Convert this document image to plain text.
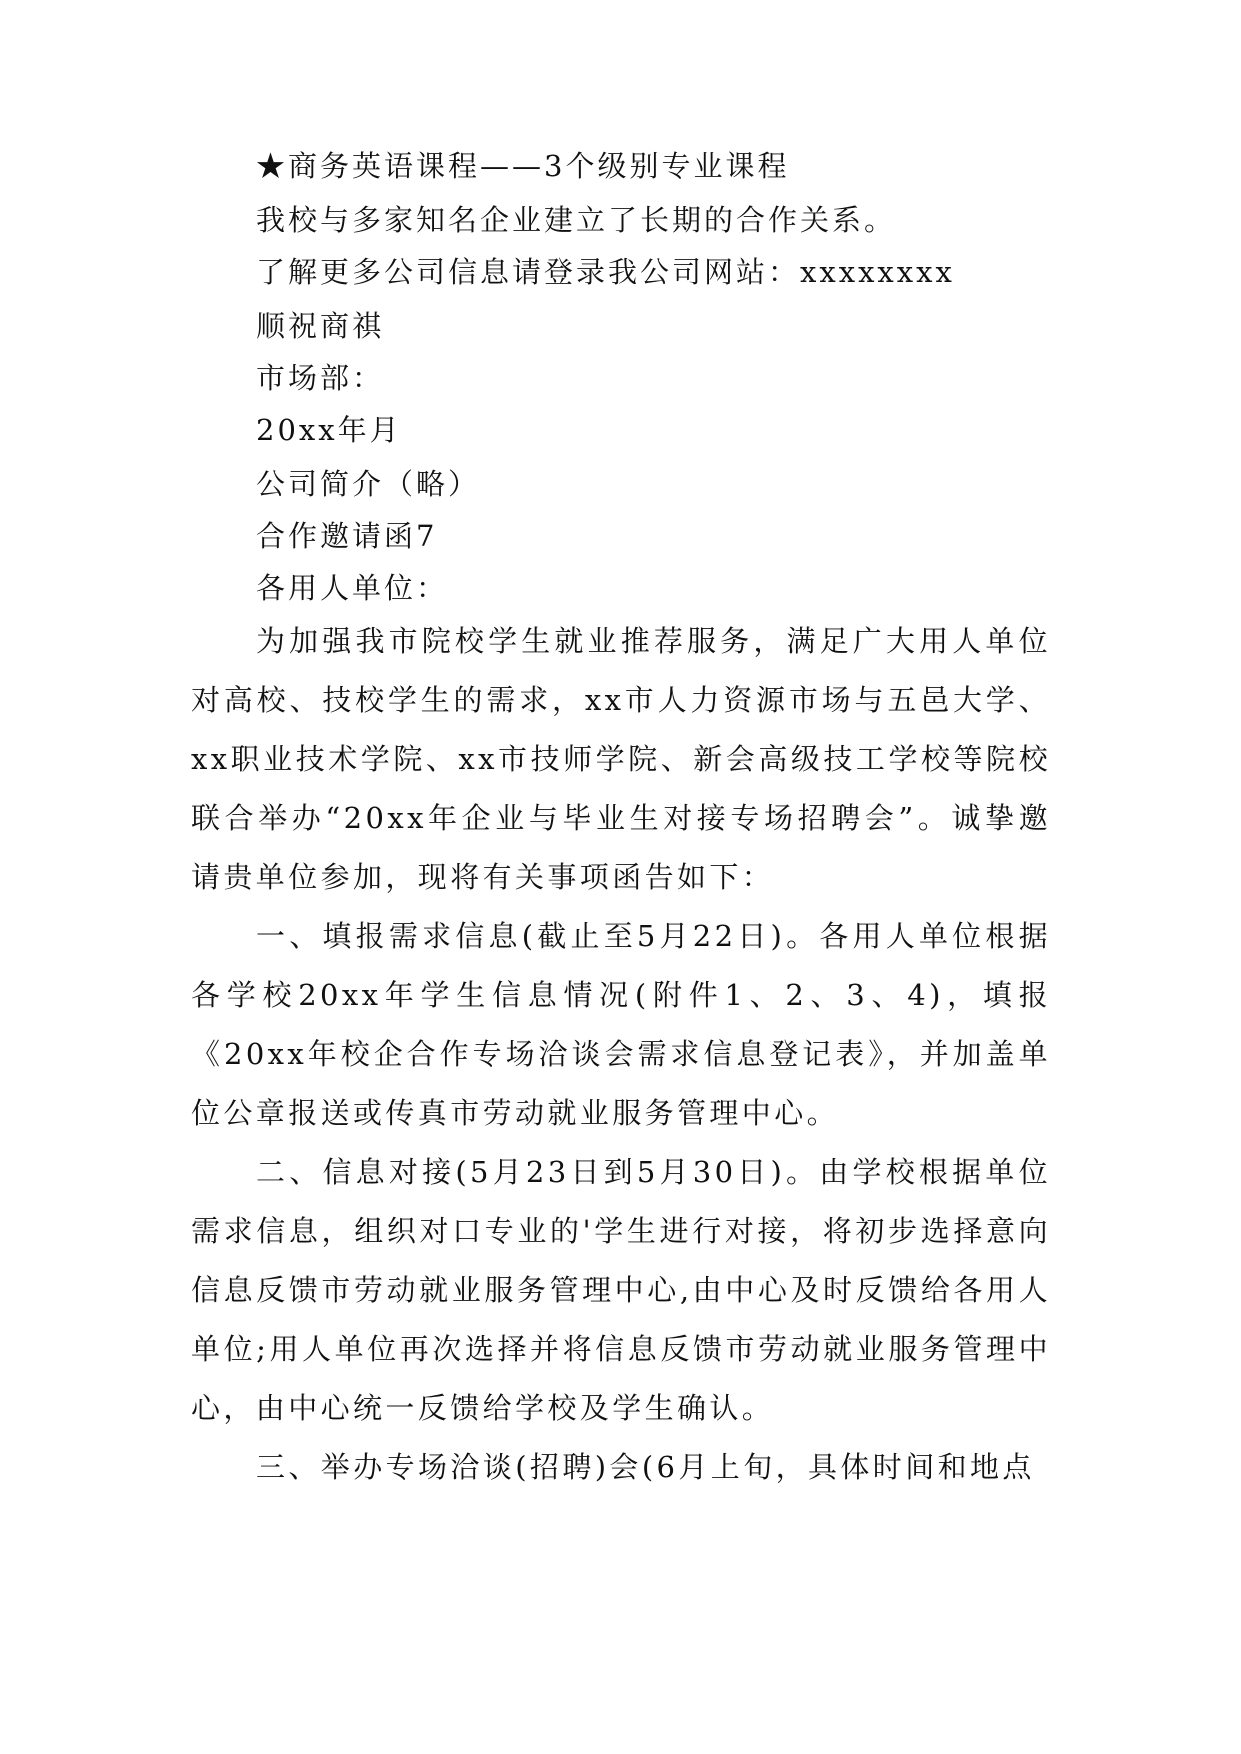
★商务英语课程——3个级别专业课程
我校与多家知名企业建立了长期的合作关系。
了解更多公司信息请登录我公司网站：xxxxxxxx
顺祝商祺
市场部：
20xx年月
公司简介（略）
合作邀请函7
各用人单位：

为加强我市院校学生就业推荐服务，满足广大用人单位对高校、技校学生的需求，xx市人力资源市场与五邑大学、xx职业技术学院、xx市技师学院、新会高级技工学校等院校联合举办“20xx年企业与毕业生对接专场招聘会”。诚挚邀请贵单位参加，现将有关事项函告如下：

一、填报需求信息(截止至5月22日)。各用人单位根据各学校20xx年学生信息情况(附件1、2、3、4)，填报《20xx年校企合作专场洽谈会需求信息登记表》，并加盖单位公章报送或传真市劳动就业服务管理中心。

二、信息对接(5月23日到5月30日)。由学校根据单位需求信息，组织对口专业的'学生进行对接，将初步选择意向信息反馈市劳动就业服务管理中心,由中心及时反馈给各用人单位;用人单位再次选择并将信息反馈市劳动就业服务管理中心，由中心统一反馈给学校及学生确认。

三、举办专场洽谈(招聘)会(6月上旬，具体时间和地点
